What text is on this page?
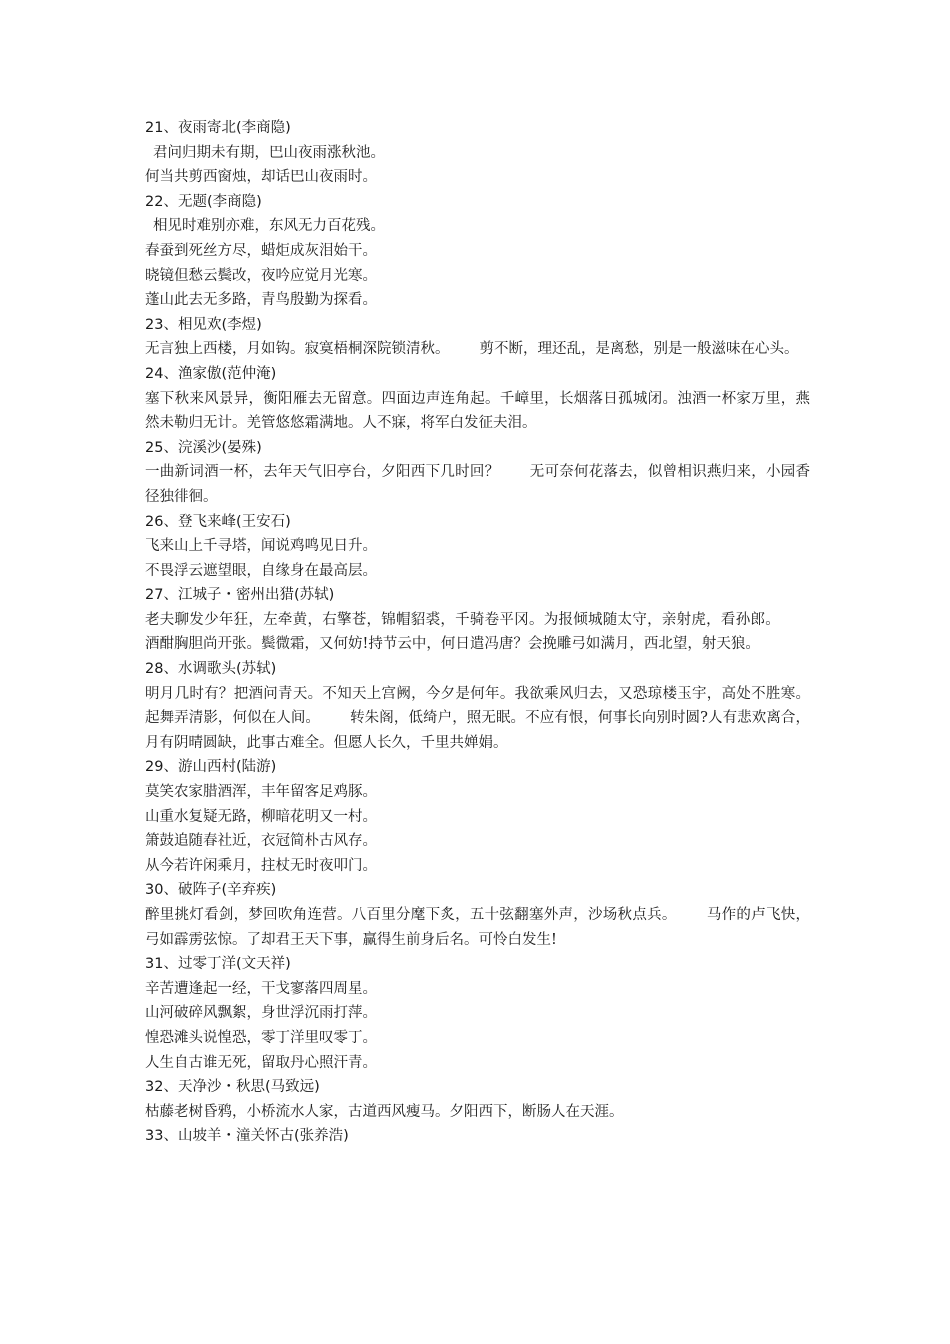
21、夜雨寄北(李商隐)

君问归期未有期，巴山夜雨涨秋池。

何当共剪西窗烛，却话巴山夜雨时。

22、无题(李商隐)

相见时难别亦难，东风无力百花残。

春蚕到死丝方尽，蜡炬成灰泪始干。

晓镜但愁云鬓改，夜吟应觉月光寒。

蓬山此去无多路，青鸟殷勤为探看。

23、相见欢(李煜)

无言独上西楼，月如钩。寂寞梧桐深院锁清秋。 剪不断，理还乱，是离愁，别是一般滋味在心头。

24、渔家傲(范仲淹)

塞下秋来风景异，衡阳雁去无留意。四面边声连角起。千嶂里，长烟落日孤城闭。浊酒一杯家万里，燕然未勒归无计。羌管悠悠霜满地。人不寐，将军白发征夫泪。

25、浣溪沙(晏殊)

一曲新词酒一杯，去年天气旧亭台，夕阳西下几时回？ 无可奈何花落去，似曾相识燕归来，小园香径独徘徊。

26、登飞来峰(王安石)

飞来山上千寻塔，闻说鸡鸣见日升。

不畏浮云遮望眼，自缘身在最高层。

27、江城子・密州出猎(苏轼)

老夫聊发少年狂，左牵黄，右擎苍，锦帽貂裘，千骑卷平冈。为报倾城随太守，亲射虎，看孙郎。酒酣胸胆尚开张。鬓微霜，又何妨!持节云中，何日遣冯唐？会挽雕弓如满月，西北望，射天狼。

28、水调歌头(苏轼)

明月几时有？把酒问青天。不知天上宫阙，今夕是何年。我欲乘风归去，又恐琼楼玉宇，高处不胜寒。起舞弄清影，何似在人间。 转朱阁，低绮户，照无眠。不应有恨，何事长向别时圆?人有悲欢离合，月有阴晴圆缺，此事古难全。但愿人长久，千里共婵娟。

29、游山西村(陆游)

莫笑农家腊酒浑，丰年留客足鸡豚。

山重水复疑无路，柳暗花明又一村。

箫鼓追随春社近，衣冠简朴古风存。

从今若许闲乘月，拄杖无时夜叩门。

30、破阵子(辛弃疾)

醉里挑灯看剑，梦回吹角连营。八百里分麾下炙，五十弦翻塞外声，沙场秋点兵。 马作的卢飞快，弓如霹雳弦惊。了却君王天下事，赢得生前身后名。可怜白发生!

31、过零丁洋(文天祥)

辛苦遭逢起一经，干戈寥落四周星。

山河破碎风飘絮，身世浮沉雨打萍。

惶恐滩头说惶恐，零丁洋里叹零丁。

人生自古谁无死，留取丹心照汗青。

32、天净沙・秋思(马致远)

枯藤老树昏鸦，小桥流水人家，古道西风瘦马。夕阳西下，断肠人在天涯。

33、山坡羊・潼关怀古(张养浩)
